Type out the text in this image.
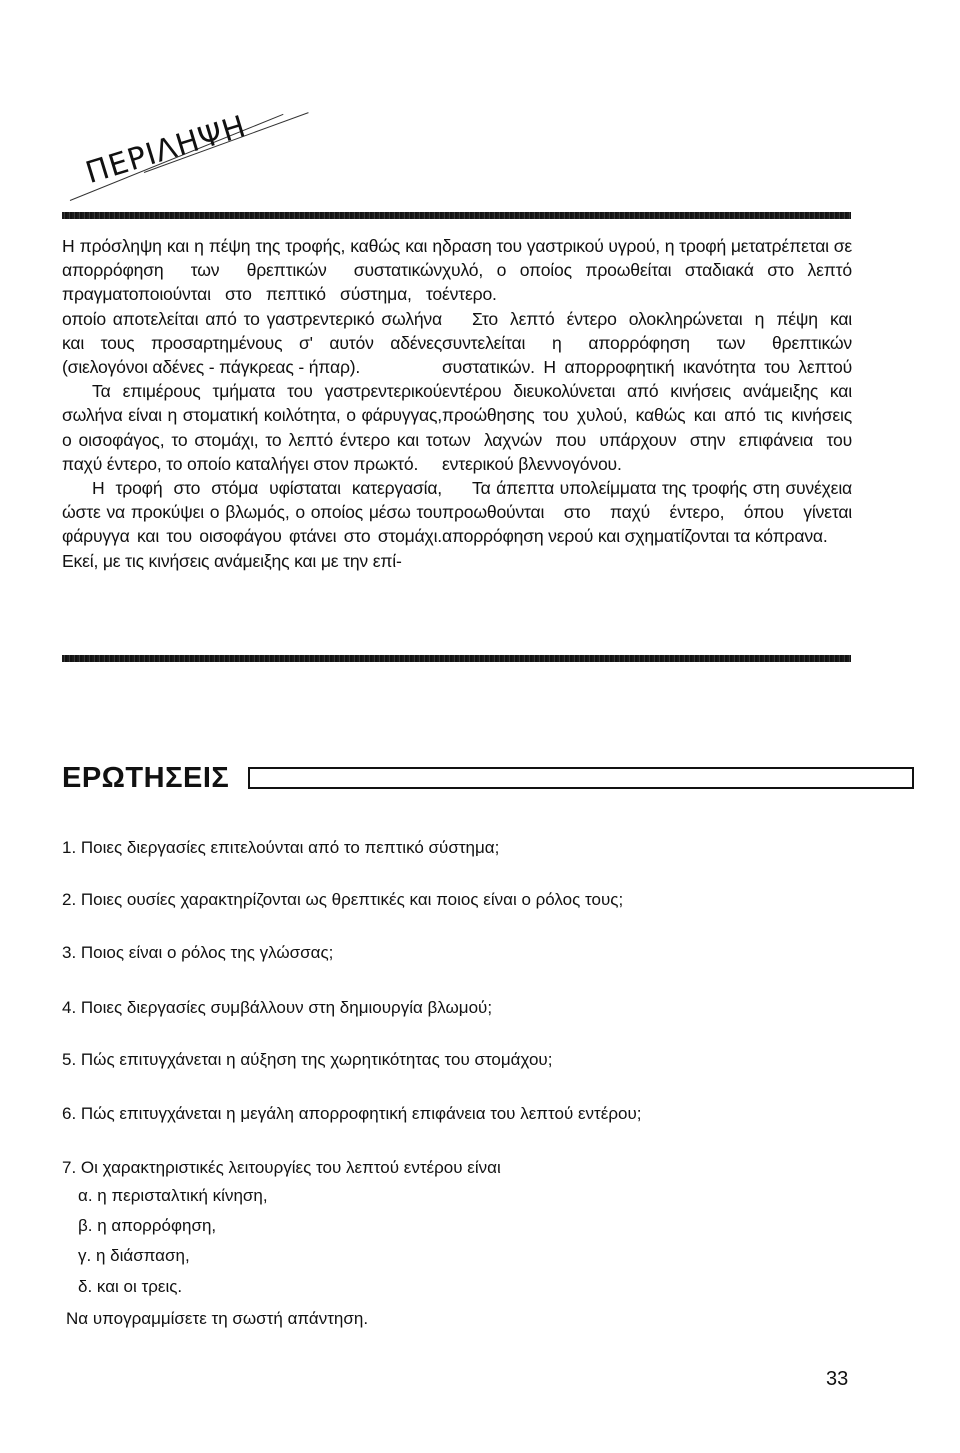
ΠΕΡΙΛΗΨΗ

Η πρόσληψη και η πέψη της τροφής, καθώς και η απορρόφηση των θρεπτικών συστατικών πραγματοποιούνται στο πεπτικό σύστημα, το οποίο αποτελείται από το γαστρεντερικό σωλήνα και τους προσαρτημένους σ' αυτόν αδένες (σιελογόνοι αδένες - πάγκρεας - ήπαρ).

Τα επιμέρους τμήματα του γαστρεντερικού σωλήνα είναι η στοματική κοιλότητα, ο φάρυγγας, ο οισοφάγος, το στομάχι, το λεπτό έντερο και το παχύ έντερο, το οποίο καταλήγει στον πρωκτό.

Η τροφή στο στόμα υφίσταται κατεργασία, ώστε να προκύψει ο βλωμός, ο οποίος μέσω του φάρυγγα και του οισοφάγου φτάνει στο στομάχι. Εκεί, με τις κινήσεις ανάμειξης και με την επί-

δραση του γαστρικού υγρού, η τροφή μετατρέπεται σε χυλό, ο οποίος προωθείται σταδιακά στο λεπτό έντερο.

Στο λεπτό έντερο ολοκληρώνεται η πέψη και συντελείται η απορρόφηση των θρεπτικών συστατικών. Η απορροφητική ικανότητα του λεπτού εντέρου διευκολύνεται από κινήσεις ανάμειξης και προώθησης του χυλού, καθώς και από τις κινήσεις των λαχνών που υπάρχουν στην επιφάνεια του εντερικού βλεννογόνου.

Τα άπεπτα υπολείμματα της τροφής στη συνέχεια προωθούνται στο παχύ έντερο, όπου γίνεται απορρόφηση νερού και σχηματίζονται τα κόπρανα.

ΕΡΩΤΗΣΕΙΣ
1. Ποιες διεργασίες επιτελούνται από το πεπτικό σύστημα;
2. Ποιες ουσίες χαρακτηρίζονται ως θρεπτικές και ποιος είναι ο ρόλος τους;
3. Ποιος είναι ο ρόλος της γλώσσας;
4. Ποιες διεργασίες συμβάλλουν στη δημιουργία βλωμού;
5. Πώς επιτυγχάνεται η αύξηση της χωρητικότητας του στομάχου;
6. Πώς επιτυγχάνεται η μεγάλη απορροφητική επιφάνεια του λεπτού εντέρου;
7. Οι χαρακτηριστικές λειτουργίες του λεπτού εντέρου είναι
α. η περισταλτική κίνηση,
β. η απορρόφηση,
γ. η διάσπαση,
δ. και οι τρεις.
Να υπογραμμίσετε τη σωστή απάντηση.
33
